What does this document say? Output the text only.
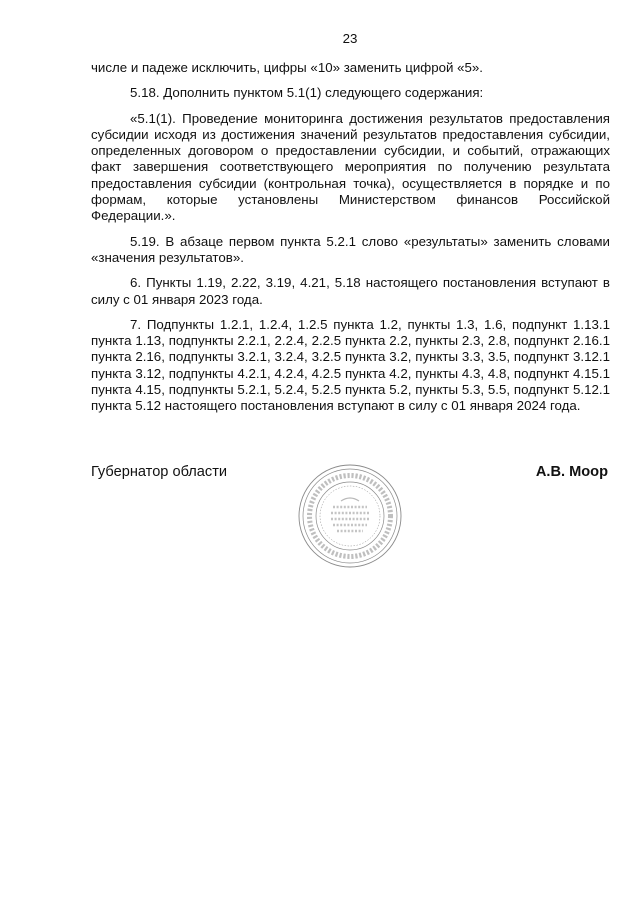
23

числе и падеже исключить, цифры «10» заменить цифрой «5».

5.18. Дополнить пунктом 5.1(1) следующего содержания:

«5.1(1). Проведение мониторинга достижения результатов предоставления субсидии исходя из достижения значений результатов предоставления субсидии, определенных договором о предоставлении субсидии, и событий, отражающих факт завершения соответствующего мероприятия по получению результата предоставления субсидии (контрольная точка), осуществляется в порядке и по формам, которые установлены Министерством финансов Российской Федерации.».

5.19. В абзаце первом пункта 5.2.1 слово «результаты» заменить словами «значения результатов».

6. Пункты 1.19, 2.22, 3.19, 4.21, 5.18 настоящего постановления вступают в силу с 01 января 2023 года.

7. Подпункты 1.2.1, 1.2.4, 1.2.5 пункта 1.2, пункты 1.3, 1.6, подпункт 1.13.1 пункта 1.13, подпункты 2.2.1, 2.2.4, 2.2.5 пункта 2.2, пункты 2.3, 2.8, подпункт 2.16.1 пункта 2.16, подпункты 3.2.1, 3.2.4, 3.2.5 пункта 3.2, пункты 3.3, 3.5, подпункт 3.12.1 пункта 3.12, подпункты 4.2.1, 4.2.4, 4.2.5 пункта 4.2, пункты 4.3, 4.8, подпункт 4.15.1 пункта 4.15, подпункты 5.2.1, 5.2.4, 5.2.5 пункта 5.2, пункты 5.3, 5.5, подпункт 5.12.1 пункта 5.12 настоящего постановления вступают в силу с 01 января 2024 года.

Губернатор области	А.В. Моор
